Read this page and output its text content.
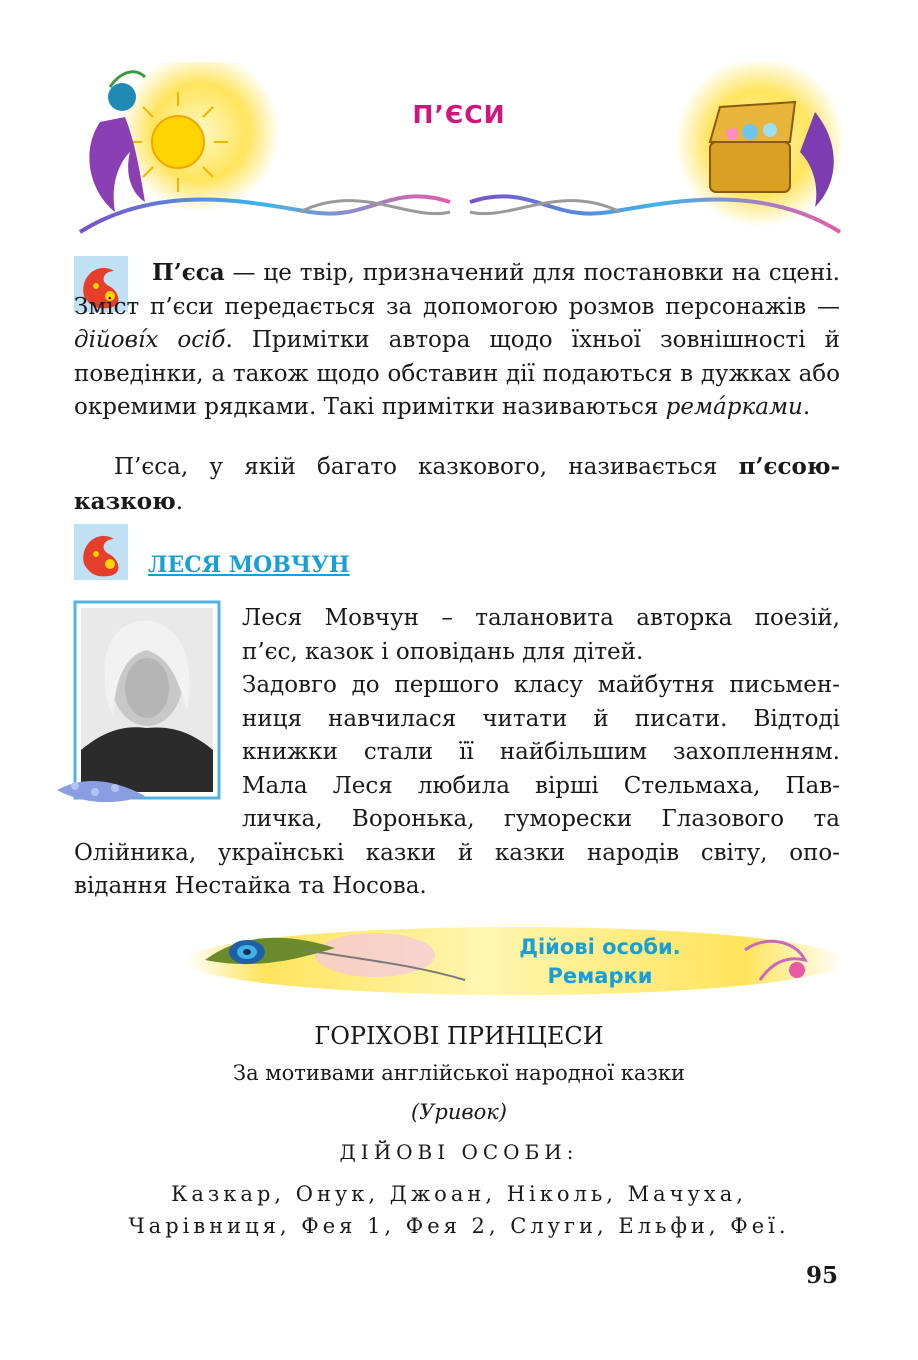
П’ЄСИ
П’єса — це твір, призначений для постановки на сцені. Зміст п’єси передається за допомогою розмов персонажів — дійові́х осіб. Примітки автора щодо їхньої зовнішності й поведінки, а також щодо обставин дії подаються в дужках або окремими рядками. Такі примітки називаються ремáрками.
П’єса, у якій багато казкового, називається п’єсою-казкою.
ЛЕСЯ МОВЧУН
Леся Мовчун – талановита авторка поезій,
п’єс, казок і оповідань для дітей.
Задовго до першого класу майбутня письмен-
ниця навчилася читати й писати. Відтоді
книжки стали її найбільшим захопленням.
Мала Леся любила вірші Стельмаха, Пав-
личка, Воронька, гуморески Глазового та
Олійника, українські казки й казки народів світу, опо-
відання Нестайка та Носова.
Дійові особи.
Ремарки
ГОРІХОВІ ПРИНЦЕСИ
За мотивами англійської народної казки
(Уривок)
ДІЙОВІ ОСОБИ:
Казкар, Онук, Джоан, Ніколь, Мачуха,
Чарівниця, Фея 1, Фея 2, Слуги, Ельфи, Феї.
95
